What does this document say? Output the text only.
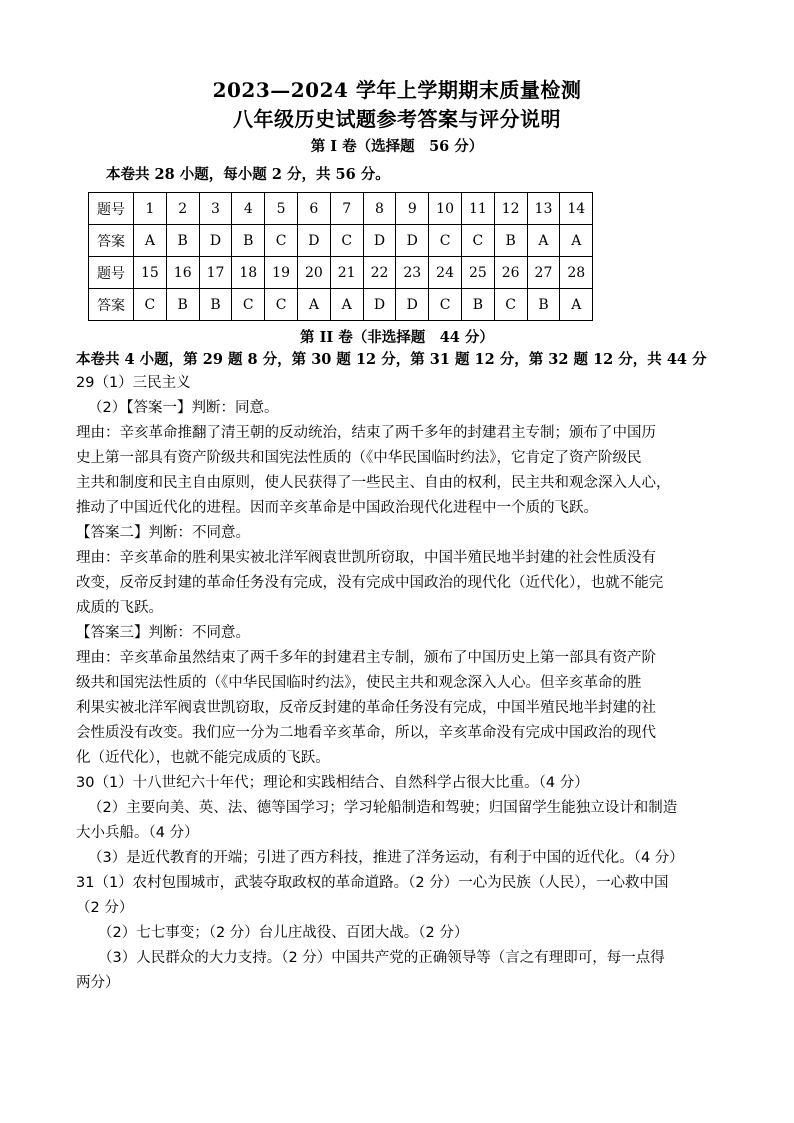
2023—2024 学年上学期期末质量检测
八年级历史试题参考答案与评分说明
第 I 卷（选择题　56 分）
本卷共 28 小题，每小题 2 分，共 56 分。
题号	1	2	3	4	5	6	7	8	9	10	11	12	13	14
答案	A	B	D	B	C	D	C	D	D	C	C	B	A	A
题号	15	16	17	18	19	20	21	22	23	24	25	26	27	28
答案	C	B	B	C	C	A	A	D	D	C	B	C	B	A
第 II 卷（非选择题　44 分）
本卷共 4 小题，第 29 题 8 分，第 30 题 12 分，第 31 题 12 分，第 32 题 12 分，共 44 分

29（1）三民主义

（2）【答案一】判断：同意。

理由：辛亥革命推翻了清王朝的反动统治，结束了两千多年的封建君主专制；颁布了中国历

史上第一部具有资产阶级共和国宪法性质的（《中华民国临时约法》，它肯定了资产阶级民

主共和制度和民主自由原则，使人民获得了一些民主、自由的权利，民主共和观念深入人心，

推动了中国近代化的进程。因而辛亥革命是中国政治现代化进程中一个质的飞跃。

【答案二】判断：不同意。

理由：辛亥革命的胜利果实被北洋军阀袁世凯所窃取，中国半殖民地半封建的社会性质没有

改变，反帝反封建的革命任务没有完成，没有完成中国政治的现代化（近代化），也就不能完

成质的飞跃。

【答案三】判断：不同意。

理由：辛亥革命虽然结束了两千多年的封建君主专制，颁布了中国历史上第一部具有资产阶

级共和国宪法性质的（《中华民国临时约法》，使民主共和观念深入人心。但辛亥革命的胜

利果实被北洋军阀袁世凯窃取，反帝反封建的革命任务没有完成，中国半殖民地半封建的社

会性质没有改变。我们应一分为二地看辛亥革命，所以，辛亥革命没有完成中国政治的现代

化（近代化），也就不能完成质的飞跃。

30（1）十八世纪六十年代；理论和实践相结合、自然科学占很大比重。（4 分）

（2）主要向美、英、法、德等国学习；学习轮船制造和驾驶；归国留学生能独立设计和制造

大小兵船。（4 分）

（3）是近代教育的开端；引进了西方科技，推进了洋务运动，有利于中国的近代化。（4 分）

31（1）农村包围城市，武装夺取政权的革命道路。（2 分）一心为民族（人民），一心救中国

（2 分）

（2）七七事变；（2 分）台儿庄战役、百团大战。（2 分）

（3）人民群众的大力支持。（2 分）中国共产党的正确领导等（言之有理即可，每一点得

两分）
